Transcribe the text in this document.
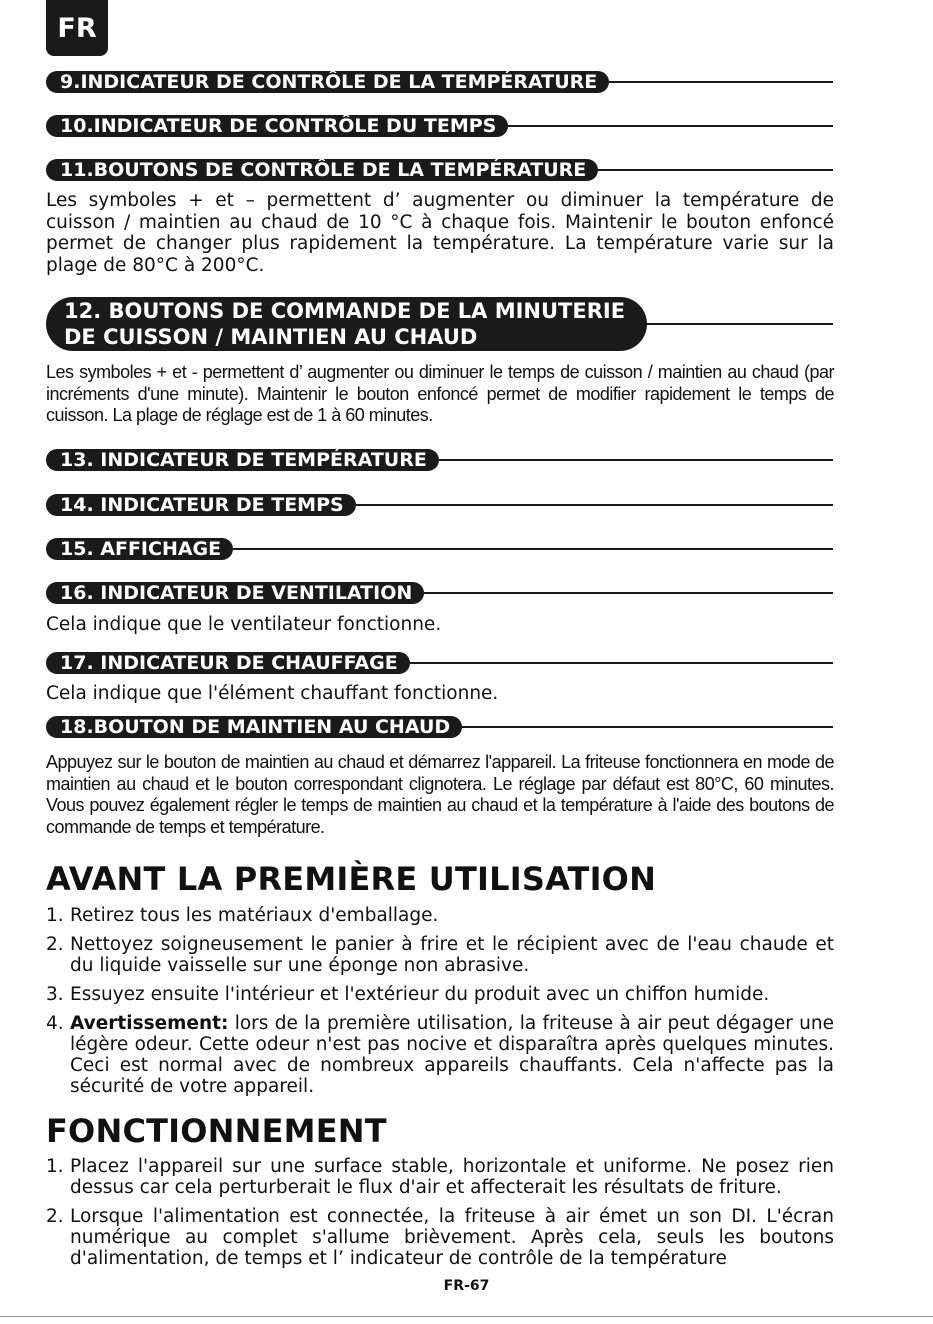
FR
9.INDICATEUR DE CONTRÔLE DE LA TEMPÉRATURE
10.INDICATEUR DE CONTRÔLE DU TEMPS
11.BOUTONS DE CONTRÔLE DE LA TEMPÉRATURE

Les symboles + et – permettent d’ augmenter ou diminuer la température de cuisson / maintien au chaud de 10 °C à chaque fois. Maintenir le bouton enfoncé permet de changer plus rapidement la température. La température varie sur la plage de 80°C à 200°C.

12. BOUTONS DE COMMANDE DE LA MINUTERIE
DE CUISSON / MAINTIEN AU CHAUD

Les symboles + et - permettent d’ augmenter ou diminuer le temps de cuisson / maintien au chaud (par incréments d'une minute). Maintenir le bouton enfoncé permet de modifier rapidement le temps de cuisson. La plage de réglage est de 1 à 60 minutes.

13. INDICATEUR DE TEMPÉRATURE
14. INDICATEUR DE TEMPS
15. AFFICHAGE
16. INDICATEUR DE VENTILATION

Cela indique que le ventilateur fonctionne.

17. INDICATEUR DE CHAUFFAGE

Cela indique que l'élément chauffant fonctionne.

18.BOUTON DE MAINTIEN AU CHAUD

Appuyez sur le bouton de maintien au chaud et démarrez l'appareil. La friteuse fonctionnera en mode de maintien au chaud et le bouton correspondant clignotera. Le réglage par défaut est 80°C, 60 minutes. Vous pouvez également régler le temps de maintien au chaud et la température à l'aide des boutons de commande de temps et température.

AVANT LA PREMIÈRE UTILISATION
1. Retirez tous les matériaux d'emballage.
2. Nettoyez soigneusement le panier à frire et le récipient avec de l'eau chaude et du liquide vaisselle sur une éponge non abrasive.
3. Essuyez ensuite l'intérieur et l'extérieur du produit avec un chiffon humide.
4. Avertissement: lors de la première utilisation, la friteuse à air peut dégager une légère odeur. Cette odeur n'est pas nocive et disparaîtra après quelques minutes. Ceci est normal avec de nombreux appareils chauffants. Cela n'affecte pas la sécurité de votre appareil.
FONCTIONNEMENT
1. Placez l'appareil sur une surface stable, horizontale et uniforme. Ne posez rien dessus car cela perturberait le flux d'air et affecterait les résultats de friture.
2. Lorsque l'alimentation est connectée, la friteuse à air émet un son DI. L'écran numérique au complet s'allume brièvement. Après cela, seuls les boutons d'alimentation, de temps et l’ indicateur de contrôle de la température
FR-67
